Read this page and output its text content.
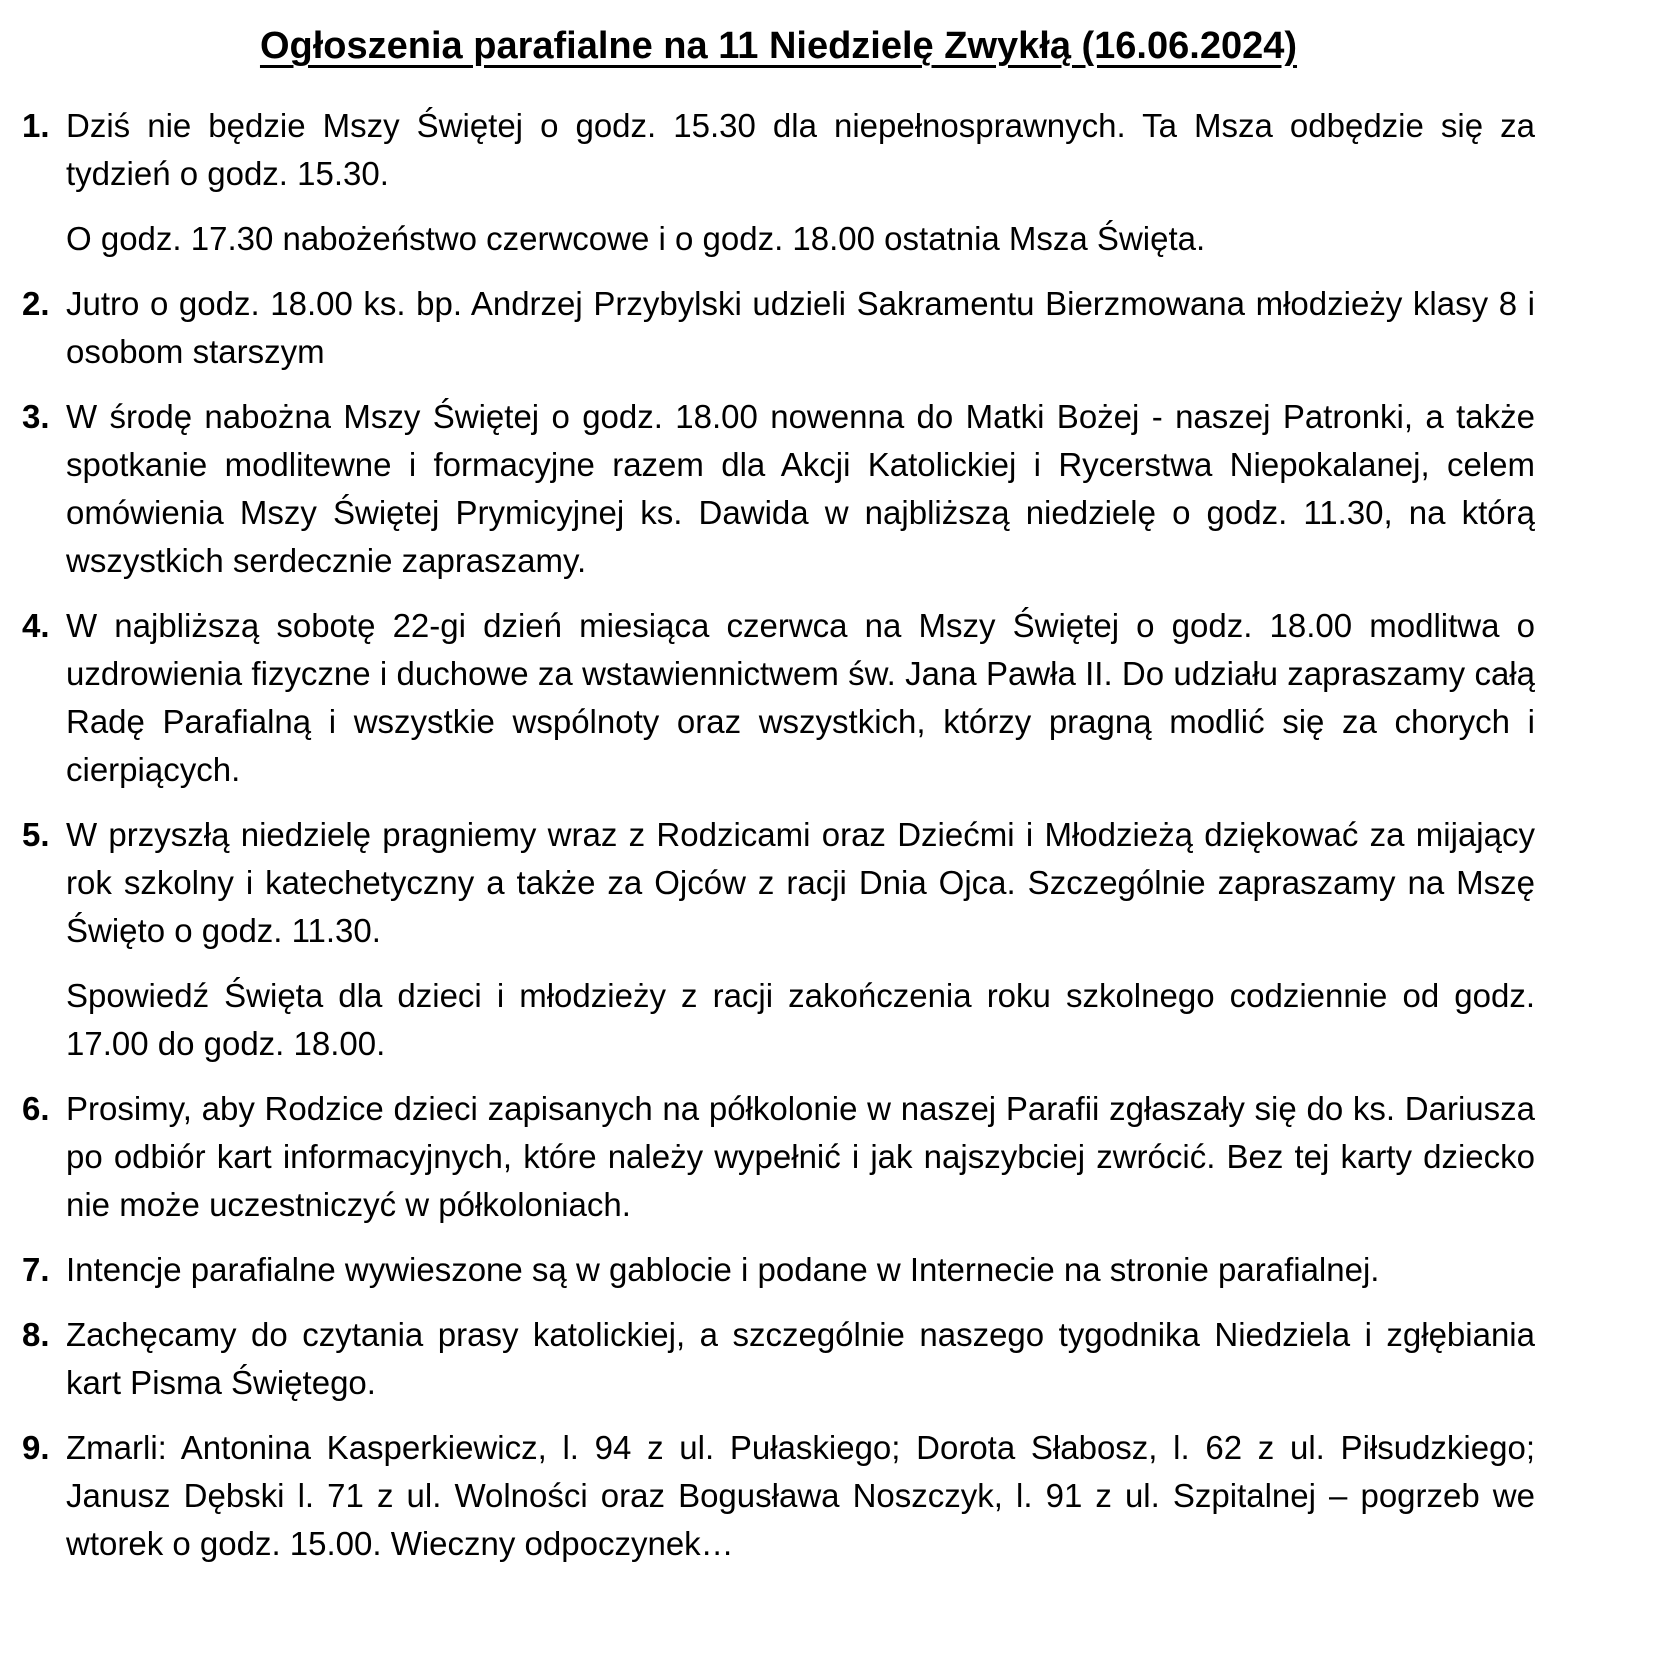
Ogłoszenia parafialne na 11 Niedzielę Zwykłą (16.06.2024)
1. Dziś nie będzie Mszy Świętej o godz. 15.30 dla niepełnosprawnych. Ta Msza odbędzie się za tydzień o godz. 15.30.

O godz. 17.30 nabożeństwo czerwcowe i o godz. 18.00 ostatnia Msza Święta.

2. Jutro o godz. 18.00 ks. bp. Andrzej Przybylski udzieli Sakramentu Bierzmowana młodzieży klasy 8 i osobom starszym

3. W środę nabożna Mszy Świętej o godz. 18.00 nowenna do Matki Bożej - naszej Patronki, a także spotkanie modlitewne i formacyjne razem dla Akcji Katolickiej i Rycerstwa Niepokalanej, celem omówienia Mszy Świętej Prymicyjnej ks. Dawida w najbliższą niedzielę o godz. 11.30, na którą wszystkich serdecznie zapraszamy.

4. W najbliższą sobotę 22-gi dzień miesiąca czerwca na Mszy Świętej o godz. 18.00 modlitwa o uzdrowienia fizyczne i duchowe za wstawiennictwem św. Jana Pawła II. Do udziału zapraszamy całą Radę Parafialną i wszystkie wspólnoty oraz wszystkich, którzy pragną modlić się za chorych i cierpiących.

5. W przyszłą niedzielę pragniemy wraz z Rodzicami oraz Dziećmi i Młodzieżą dziękować za mijający rok szkolny i katechetyczny a także za Ojców z racji Dnia Ojca. Szczególnie zapraszamy na Mszę Święto o godz. 11.30.

Spowiedź Święta dla dzieci i młodzieży z racji zakończenia roku szkolnego codziennie od godz. 17.00 do godz. 18.00.

6. Prosimy, aby Rodzice dzieci zapisanych na półkolonie w naszej Parafii zgłaszały się do ks. Dariusza po odbiór kart informacyjnych, które należy wypełnić i jak najszybciej zwrócić. Bez tej karty dziecko nie może uczestniczyć w półkoloniach.

7. Intencje parafialne wywieszone są w gablocie i podane w Internecie na stronie parafialnej.

8. Zachęcamy do czytania prasy katolickiej, a szczególnie naszego tygodnika Niedziela i zgłębiania kart Pisma Świętego.

9. Zmarli: Antonina Kasperkiewicz, l. 94 z ul. Pułaskiego; Dorota Słabosz, l. 62 z ul. Piłsudzkiego; Janusz Dębski l. 71 z ul. Wolności oraz Bogusława Noszczyk, l. 91 z ul. Szpitalnej – pogrzeb we wtorek o godz. 15.00. Wieczny odpoczynek…
